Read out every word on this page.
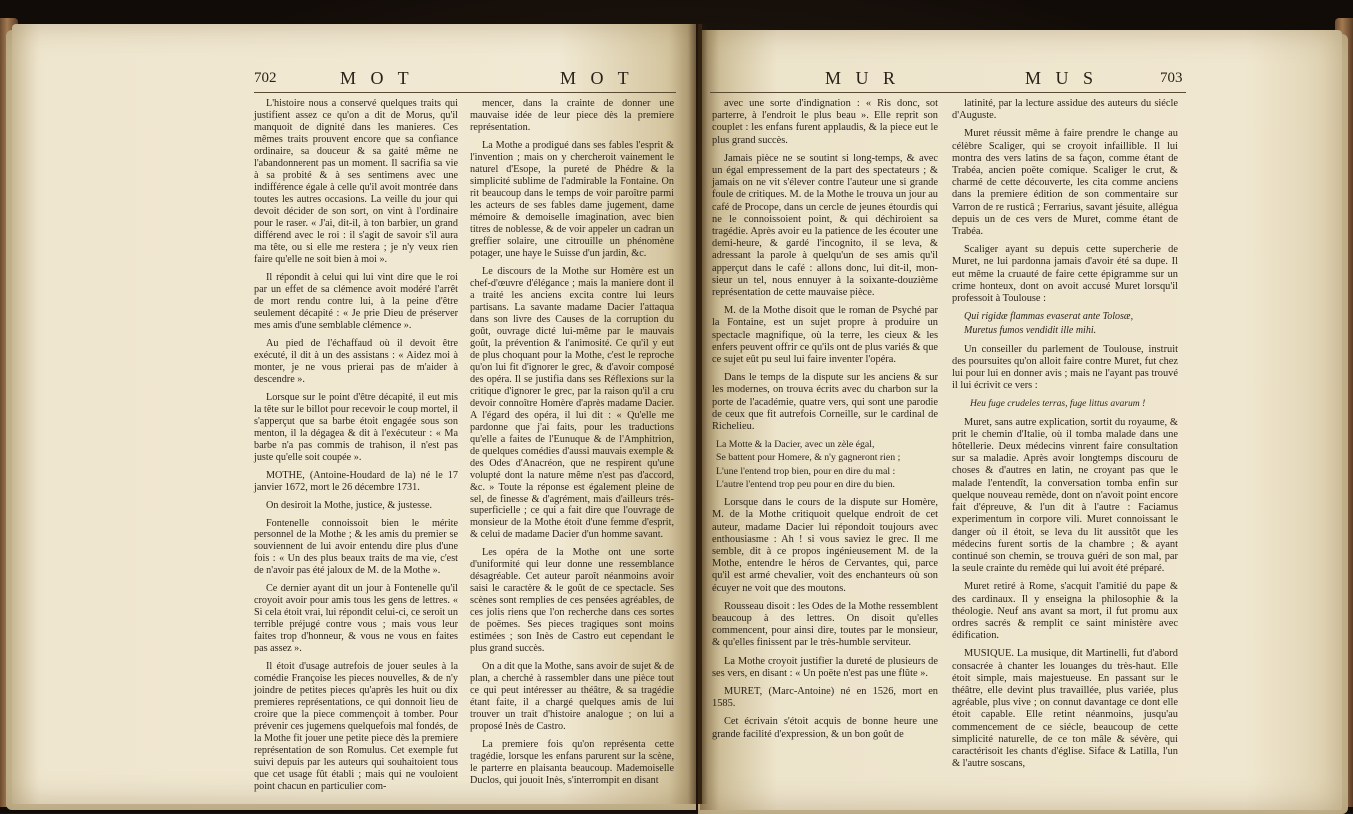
702	M O T	M O T	M U R	M U S	703

L'histoire nous a conservé quelques traits qui justifient assez ce qu'on a dit de Morus, qu'il manquoit de dignité dans les manieres. Ces mêmes traits prouvent encore que sa confiance ordinaire, sa douceur & sa gaité même ne l'abandonnerent pas un moment. Il sacrifia sa vie à sa probité & à ses sentimens avec une indifférence égale à celle qu'il avoit montrée dans toutes les autres occasions. La veille du jour qui devoit décider de son sort, on vint à l'ordinaire pour le raser. « J'ai, dit-il, à ton barbier, un grand différend avec le roi : il s'agit de savoir s'il aura ma tête, ou si elle me restera ; je n'y veux rien faire qu'elle ne soit bien à moi ».

Il répondit à celui qui lui vint dire que le roi par un effet de sa clémence avoit modéré l'arrêt de mort rendu contre lui, à la peine d'être seulement décapité : « Je prie Dieu de préserver mes amis d'une semblable clémence ».

Au pied de l'échaffaud où il devoit être exécuté, il dit à un des assistans : « Aidez moi à monter, je ne vous prierai pas de m'aider à descendre ».

Lorsque sur le point d'être décapité, il eut mis la tête sur le billot pour recevoir le coup mortel, il s'apperçut que sa barbe étoit engagée sous son menton, il la dégagea & dit à l'exécuteur : « Ma barbe n'a pas commis de trahison, il n'est pas juste qu'elle soit coupée ».

MOTHE, (Antoine-Houdard de la) né le 17 janvier 1672, mort le 26 décembre 1731.

On desiroit la Mothe, justice, & justesse.

Fontenelle connoissoit bien le mérite personnel de la Mothe ; & les amis du premier se souviennent de lui avoir entendu dire plus d'une fois : « Un des plus beaux traits de ma vie, c'est de n'avoir pas été jaloux de M. de la Mothe ».

Ce dernier ayant dit un jour à Fontenelle qu'il croyoit avoir pour amis tous les gens de lettres. « Si cela étoit vrai, lui répondit celui-ci, ce seroit un terrible préjugé contre vous ; mais vous leur faites trop d'honneur, & vous ne vous en faites pas assez ».

Il étoit d'usage autrefois de jouer seules à la comédie Françoise les pieces nouvelles, & de n'y joindre de petites pieces qu'après les huit ou dix premieres représentations, ce qui donnoit lieu de croire que la piece commençoit à tomber. Pour prévenir ces jugemens quelquefois mal fondés, de la Mothe fit jouer une petite piece dès la premiere représentation de son Romulus. Cet exemple fut suivi depuis par les auteurs qui souhaitoient tous que cet usage fût établi ; mais qui ne vouloient point chacun en particulier com-

mencer, dans la crainte de donner une mauvaise idée de leur piece dès la premiere représentation.

La Mothe a prodigué dans ses fables l'esprit & l'invention ; mais on y chercheroit vainement le naturel d'Esope, la pureté de Phédre & la simplicité sublime de l'admirable la Fontaine. On rit beaucoup dans le temps de voir paroître parmi les acteurs de ses fables dame jugement, dame mémoire & demoiselle imagination, avec bien titres de noblesse, & de voir appeler un cadran un greffier solaire, une citrouille un phénomène potager, une haye le Suisse d'un jardin, &c.

Le discours de la Mothe sur Homère est un chef-d'œuvre d'élégance ; mais la maniere dont il a traité les anciens excita contre lui leurs partisans. La savante madame Dacier l'attaqua dans son livre des Causes de la corruption du goût, ouvrage dicté lui-même par le mauvais goût, la prévention & l'animosité. Ce qu'il y eut de plus choquant pour la Mothe, c'est le reproche qu'on lui fit d'ignorer le grec, & d'avoir composé des opéra. Il se justifia dans ses Réflexions sur la critique d'ignorer le grec, par la raison qu'il a cru devoir connoître Homère d'après madame Dacier. A l'égard des opéra, il lui dit : « Qu'elle me pardonne que j'ai faits, pour les traductions qu'elle a faites de l'Eunuque & de l'Amphitrion, de quelques comédies d'aussi mauvais exemple & des Odes d'Anacréon, que ne respirent qu'une volupté dont la nature même n'est pas d'accord, &c. » Toute la réponse est également pleine de sel, de finesse & d'agrément, mais d'ailleurs trés-superficielle ; ce qui a fait dire que l'ouvrage de monsieur de la Mothe étoit d'une femme d'esprit, & celui de madame Dacier d'un homme savant.

Les opéra de la Mothe ont une sorte d'uniformité qui leur donne une ressemblance désagréable. Cet auteur paroît néanmoins avoir saisi le caractère & le goût de ce spectacle. Ses scènes sont remplies de ces pensées agréables, de ces jolis riens que l'on recherche dans ces sortes de poëmes. Ses pieces tragiques sont moins estimées ; son Inès de Castro eut cependant le plus grand succès.

On a dit que la Mothe, sans avoir de sujet & de plan, a cherché à rassembler dans une pièce tout ce qui peut intéresser au théâtre, & sa tragédie étant faite, il a chargé quelques amis de lui trouver un trait d'histoire analogue ; on lui a proposé Inès de Castro.

La premiere fois qu'on représenta cette tragédie, lorsque les enfans parurent sur la scène, le parterre en plaisanta beaucoup. Mademoiselle Duclos, qui jouoit Inès, s'interrompit en disant

avec une sorte d'indignation : « Ris donc, sot parterre, à l'endroit le plus beau ». Elle reprit son couplet : les enfans furent applaudis, & la piece eut le plus grand succès.

Jamais pièce ne se soutint si long-temps, & avec un égal empressement de la part des spectateurs ; & jamais on ne vit s'élever contre l'auteur une si grande foule de critiques. M. de la Mothe le trouva un jour au café de Procope, dans un cercle de jeunes étourdis qui ne le connoissoient point, & qui déchiroient sa tragédie. Après avoir eu la patience de les écouter une demi-heure, & gardé l'incognito, il se leva, & adressant la parole à quelqu'un de ses amis qu'il apperçut dans le café : allons donc, lui dit-il, mon-sieur un tel, nous ennuyer à la soixante-douzième représentation de cette mauvaise pièce.

M. de la Mothe disoit que le roman de Psyché par la Fontaine, est un sujet propre à produire un spectacle magnifique, où la terre, les cieux & les enfers peuvent offrir ce qu'ils ont de plus variés & que ce sujet eût pu seul lui faire inventer l'opéra.

Dans le temps de la dispute sur les anciens & sur les modernes, on trouva écrits avec du charbon sur la porte de l'académie, quatre vers, qui sont une parodie de ceux que fit autrefois Corneille, sur le cardinal de Richelieu.

La Motte & la Dacier, avec un zèle égal,

Se battent pour Homere, & n'y gagneront rien ;

L'une l'entend trop bien, pour en dire du mal :

L'autre l'entend trop peu pour en dire du bien.

Lorsque dans le cours de la dispute sur Homère, M. de la Mothe critiquoit quelque endroit de cet auteur, madame Dacier lui répondoit toujours avec enthousiasme : Ah ! si vous saviez le grec. Il me semble, dit à ce propos ingénieusement M. de la Mothe, entendre le héros de Cervantes, qui, parce qu'il est armé chevalier, voit des enchanteurs où son écuyer ne voit que des moutons.

Rousseau disoit : les Odes de la Mothe ressemblent beaucoup à des lettres. On disoit qu'elles commencent, pour ainsi dire, toutes par le monsieur, & qu'elles finissent par le très-humble serviteur.

La Mothe croyoit justifier la dureté de plusieurs de ses vers, en disant : « Un poëte n'est pas une flûte ».

MURET, (Marc-Antoine) né en 1526, mort en 1585.

Cet écrivain s'étoit acquis de bonne heure une grande facilité d'expression, & un bon goût de

latinité, par la lecture assidue des auteurs du siécle d'Auguste.

Muret réussit même à faire prendre le change au célèbre Scaliger, qui se croyoit infaillible. Il lui montra des vers latins de sa façon, comme étant de Trabéa, ancien poëte comique. Scaliger le crut, & charmé de cette découverte, les cita comme anciens dans la premiere édition de son commentaire sur Varron de re rusticâ ; Ferrarius, savant jésuite, allégua depuis un de ces vers de Muret, comme étant de Trabéa.

Scaliger ayant su depuis cette supercherie de Muret, ne lui pardonna jamais d'avoir été sa dupe. Il eut même la cruauté de faire cette épigramme sur un crime honteux, dont on avoit accusé Muret lorsqu'il professoit à Toulouse :

Qui rigidæ flammas evaserat ante Tolosæ,

Muretus fumos vendidit ille mihi.

Un conseiller du parlement de Toulouse, instruit des poursuites qu'on alloit faire contre Muret, fut chez lui pour lui en donner avis ; mais ne l'ayant pas trouvé il lui écrivit ce vers :

Heu fuge crudeles terras, fuge littus avarum !

Muret, sans autre explication, sortit du royaume, & prit le chemin d'Italie, où il tomba malade dans une hôtellerie. Deux médecins vinrent faire consultation sur sa maladie. Après avoir longtemps discouru de choses & d'autres en latin, ne croyant pas que le malade l'entendît, la conversation tomba enfin sur quelque nouveau remède, dont on n'avoit point encore fait d'épreuve, & l'un dit à l'autre : Faciamus experimentum in corpore vili. Muret connoissant le danger où il étoit, se leva du lit aussitôt que les médecins furent sortis de la chambre ; & ayant continué son chemin, se trouva guéri de son mal, par la seule crainte du remède qui lui avoit été préparé.

Muret retiré à Rome, s'acquit l'amitié du pape & des cardinaux. Il y enseigna la philosophie & la théologie. Neuf ans avant sa mort, il fut promu aux ordres sacrés & remplit ce saint ministère avec édification.

MUSIQUE. La musique, dit Martinelli, fut d'abord consacrée à chanter les louanges du très-haut. Elle étoit simple, mais majestueuse. En passant sur le théâtre, elle devint plus travaillée, plus variée, plus agréable, plus vive ; on connut davantage ce dont elle étoit capable. Elle retint néanmoins, jusqu'au commencement de ce siécle, beaucoup de cette simplicité naturelle, de ce ton mâle & sévère, qui caractérisoit les chants d'église. Siface & Latilla, l'un & l'autre soscans,
